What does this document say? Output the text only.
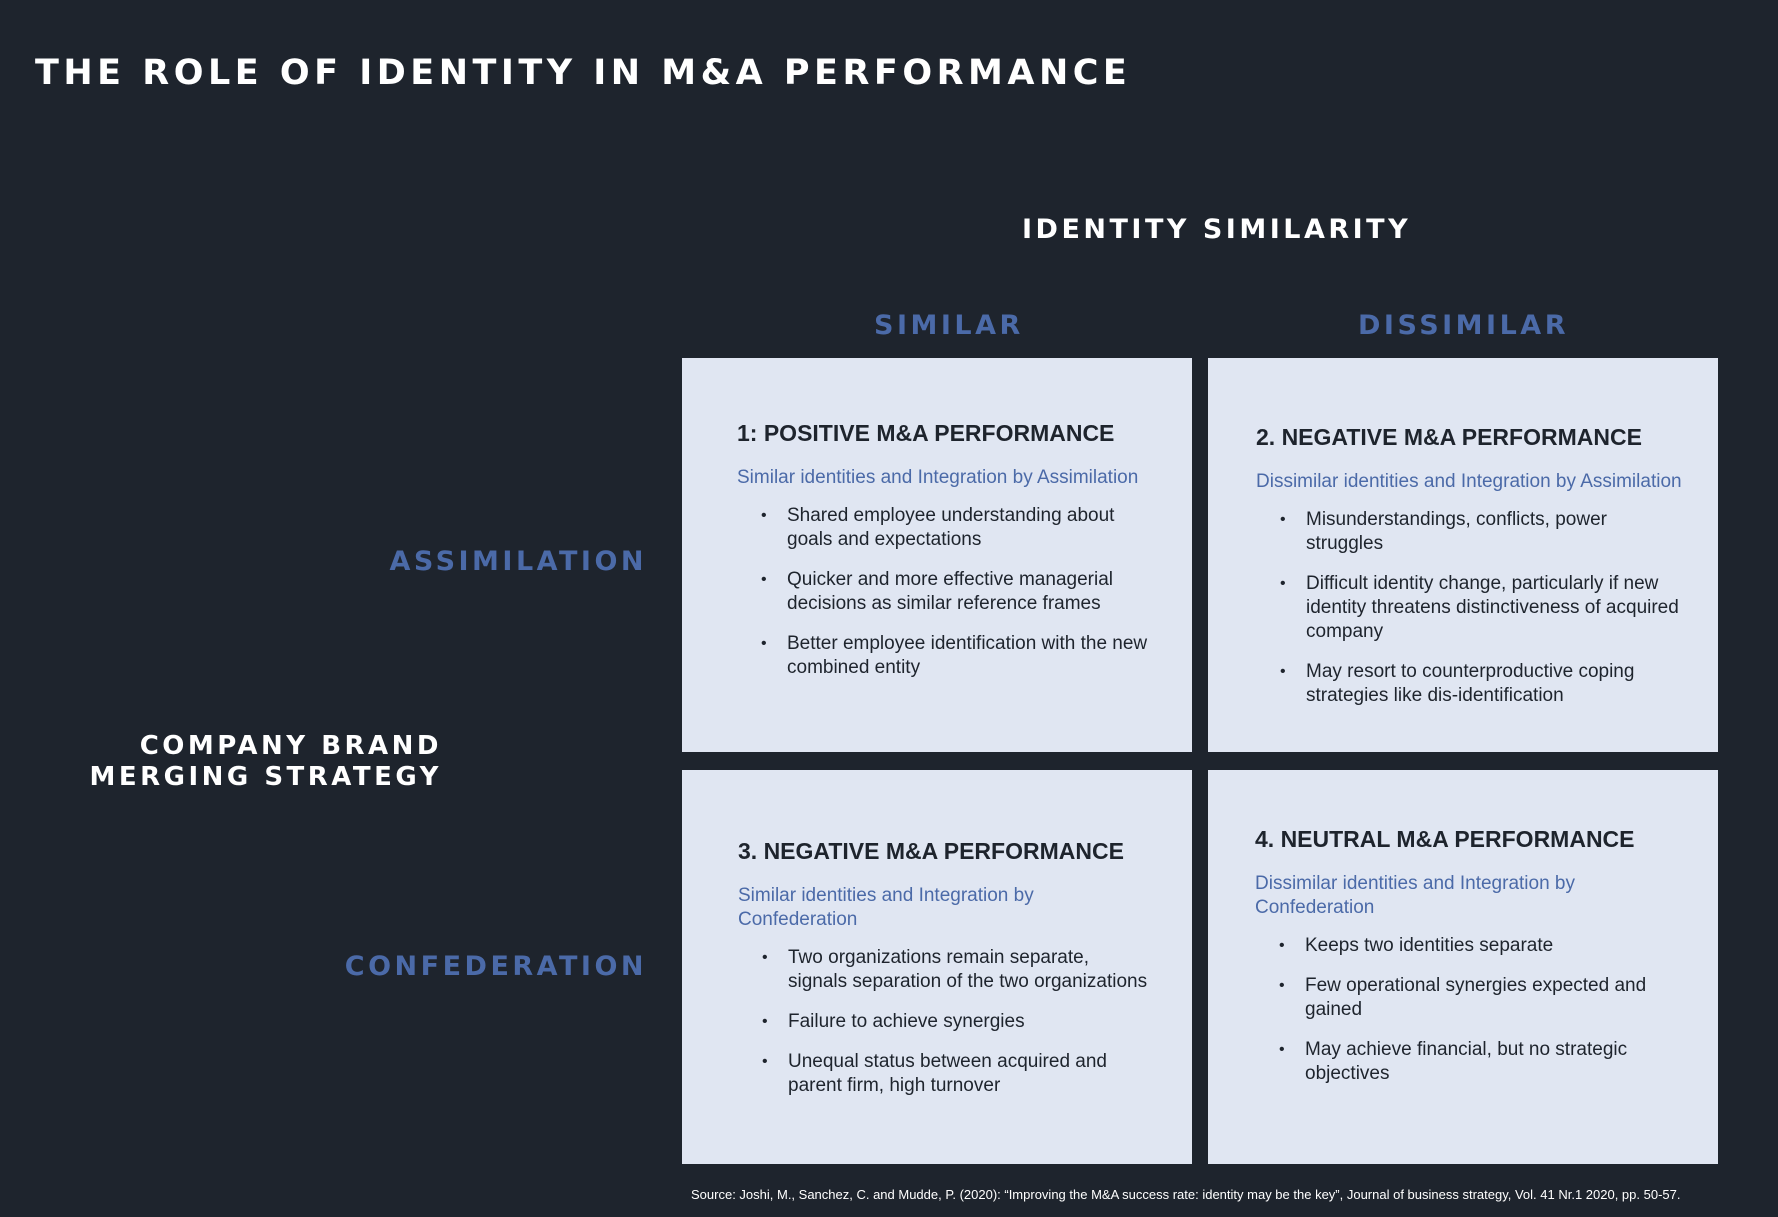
THE ROLE OF IDENTITY IN M&A PERFORMANCE
IDENTITY SIMILARITY
COMPANY BRAND
MERGING STRATEGY
SIMILAR	DISSIMILAR
ASSIMILATION
CONFEDERATION
1: POSITIVE M&A PERFORMANCE
Similar identities and Integration by Assimilation
• Shared employee understanding about goals and expectations
• Quicker and more effective managerial decisions as similar reference frames
• Better employee identification with the new combined entity
2. NEGATIVE M&A PERFORMANCE
Dissimilar identities and Integration by Assimilation
• Misunderstandings, conflicts, power struggles
• Difficult identity change, particularly if new identity threatens distinctiveness of acquired company
• May resort to counterproductive coping strategies like dis-identification
3. NEGATIVE M&A PERFORMANCE
Similar identities and Integration by Confederation
• Two organizations remain separate, signals separation of the two organizations
• Failure to achieve synergies
• Unequal status between acquired and parent firm, high turnover
4. NEUTRAL M&A PERFORMANCE
Dissimilar identities and Integration by Confederation
• Keeps two identities separate
• Few operational synergies expected and gained
• May achieve financial, but no strategic objectives
Source: Joshi, M., Sanchez, C. and Mudde, P. (2020): “Improving the M&A success rate: identity may be the key”, Journal of business strategy, Vol. 41 Nr.1 2020, pp. 50-57.
